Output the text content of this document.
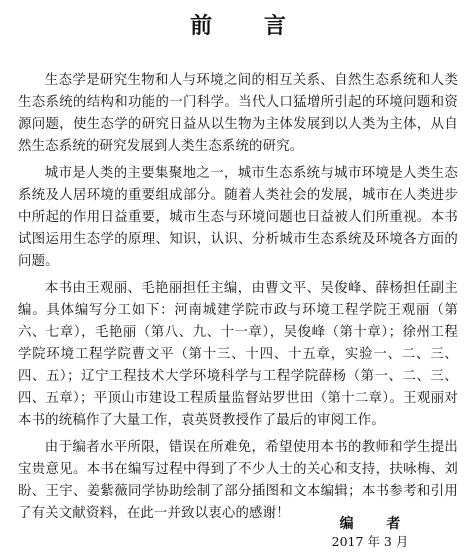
前 言

生态学是研究生物和人与环境之间的相互关系、自然生态系统和人类生态系统的结构和功能的一门科学。当代人口猛增所引起的环境问题和资源问题，使生态学的研究日益从以生物为主体发展到以人类为主体，从自然生态系统的研究发展到人类生态系统的研究。

城市是人类的主要集聚地之一，城市生态系统与城市环境是人类生态系统及人居环境的重要组成部分。随着人类社会的发展，城市在人类进步中所起的作用日益重要，城市生态与环境问题也日益被人们所重视。本书试图运用生态学的原理、知识，认识、分析城市生态系统及环境各方面的问题。

本书由王观丽、毛艳丽担任主编，由曹文平、吴俊峰、薛杨担任副主编。具体编写分工如下：河南城建学院市政与环境工程学院王观丽（第六、七章），毛艳丽（第八、九、十一章），吴俊峰（第十章）；徐州工程学院环境工程学院曹文平（第十三、十四、十五章，实验一、二、三、四、五）；辽宁工程技术大学环境科学与工程学院薛杨（第一、二、三、四、五章）；平顶山市建设工程质量监督站罗世田（第十二章）。王观丽对本书的统稿作了大量工作，袁英贤教授作了最后的审阅工作。

由于编者水平所限，错误在所难免，希望使用本书的教师和学生提出宝贵意见。本书在编写过程中得到了不少人士的关心和支持，扶咏梅、刘盼、王宇、姜紫薇同学协助绘制了部分插图和文本编辑；本书参考和引用了有关文献资料，在此一并致以衷心的感谢！

编 者
2017 年 3 月
